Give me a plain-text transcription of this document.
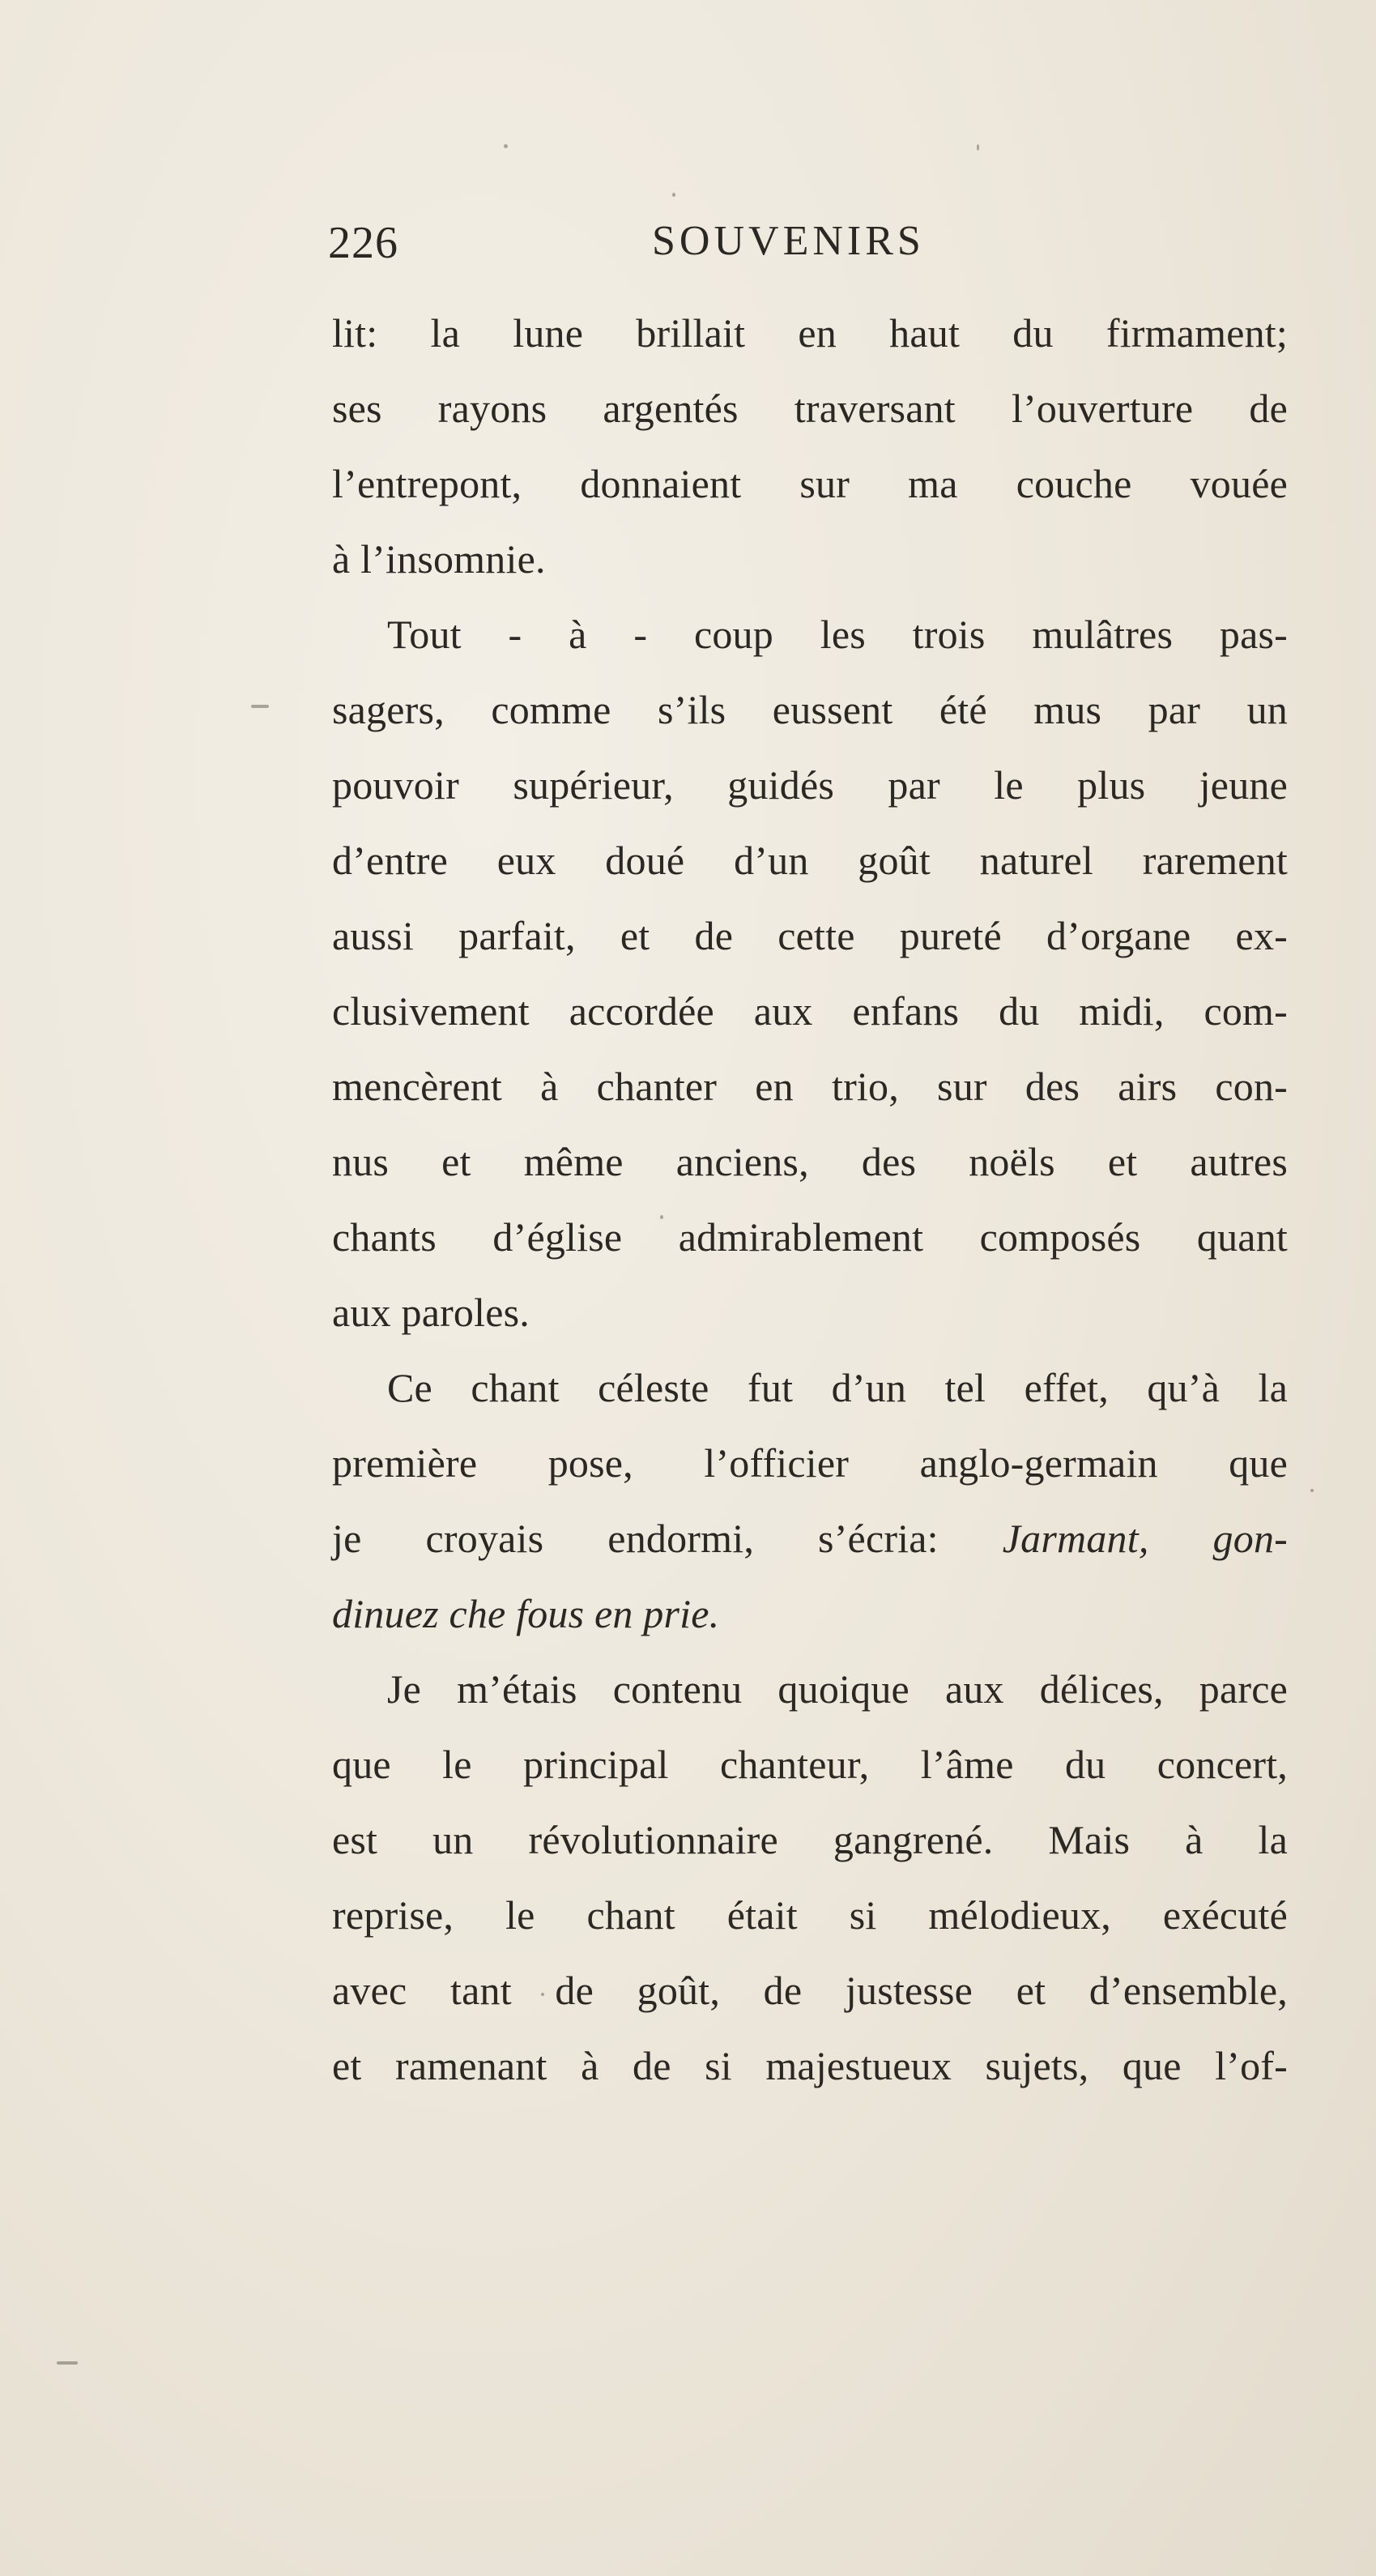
226	SOUVENIRS
lit: la lune brillait en haut du firmament;
ses rayons argentés traversant l’ouverture de
l’entrepont, donnaient sur ma couche vouée
à l’insomnie.
Tout - à - coup les trois mulâtres pas-
sagers, comme s’ils eussent été mus par un
pouvoir supérieur, guidés par le plus jeune
d’entre eux doué d’un goût naturel rarement
aussi parfait, et de cette pureté d’organe ex-
clusivement accordée aux enfans du midi, com-
mencèrent à chanter en trio, sur des airs con-
nus et même anciens, des noëls et autres
chants d’église admirablement composés quant
aux paroles.
Ce chant céleste fut d’un tel effet, qu’à la
première pose, l’officier anglo-germain que
je croyais endormi, s’écria: Jarmant, gon-
dinuez che fous en prie.
Je m’étais contenu quoique aux délices, parce
que le principal chanteur, l’âme du concert,
est un révolutionnaire gangrené. Mais à la
reprise, le chant était si mélodieux, exécuté
avec tant de goût, de justesse et d’ensemble,
et ramenant à de si majestueux sujets, que l’of-
